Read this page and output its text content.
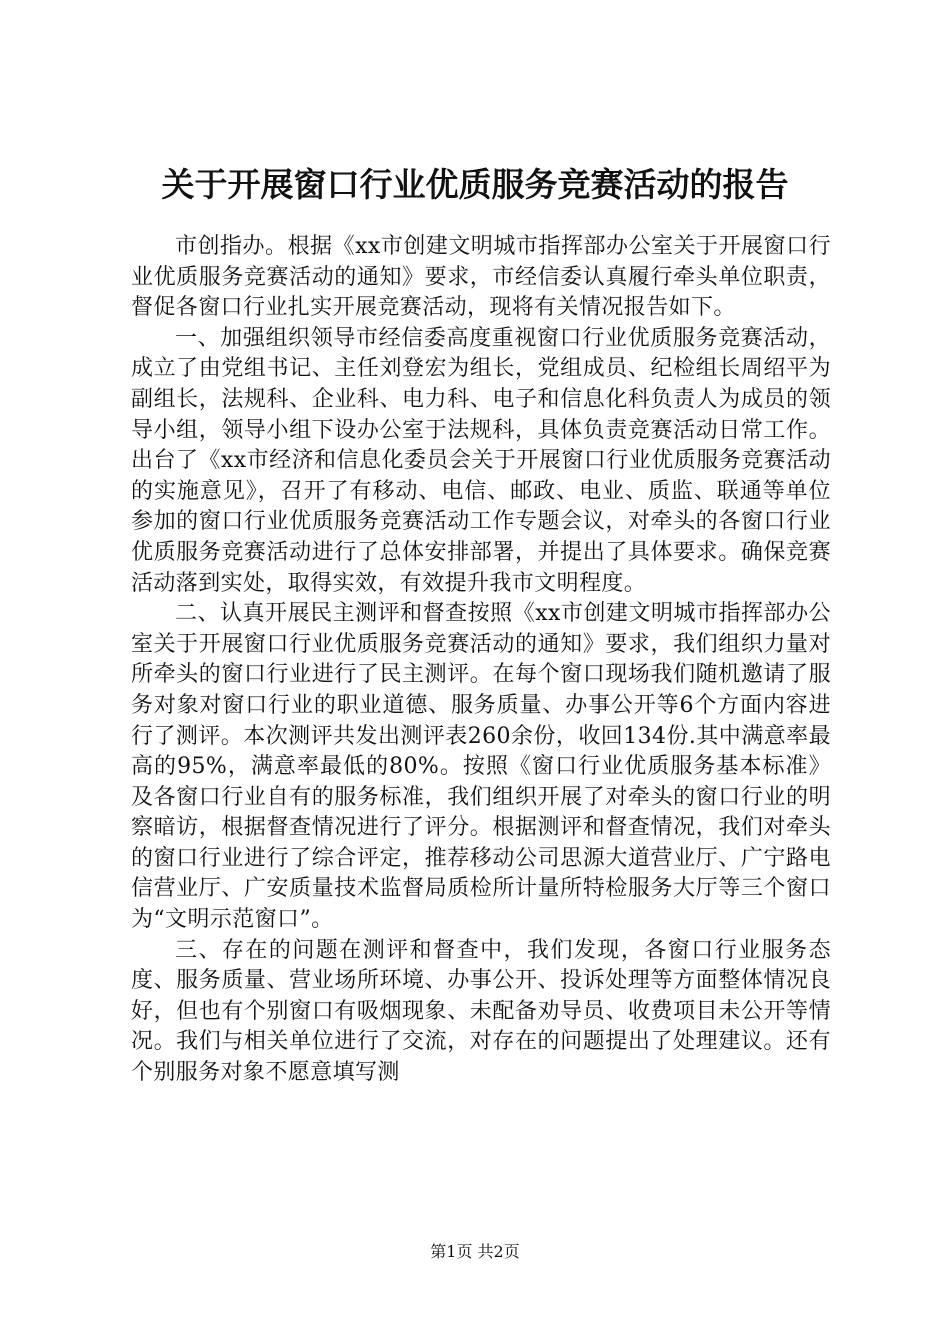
关于开展窗口行业优质服务竞赛活动的报告

市创指办。根据《xx市创建文明城市指挥部办公室关于开展窗口行业优质服务竞赛活动的通知》要求，市经信委认真履行牵头单位职责，督促各窗口行业扎实开展竞赛活动，现将有关情况报告如下。

一、加强组织领导市经信委高度重视窗口行业优质服务竞赛活动，成立了由党组书记、主任刘登宏为组长，党组成员、纪检组长周绍平为副组长，法规科、企业科、电力科、电子和信息化科负责人为成员的领导小组，领导小组下设办公室于法规科，具体负责竞赛活动日常工作。出台了《xx市经济和信息化委员会关于开展窗口行业优质服务竞赛活动的实施意见》，召开了有移动、电信、邮政、电业、质监、联通等单位参加的窗口行业优质服务竞赛活动工作专题会议，对牵头的各窗口行业优质服务竞赛活动进行了总体安排部署，并提出了具体要求。确保竞赛活动落到实处，取得实效，有效提升我市文明程度。

二、认真开展民主测评和督查按照《xx市创建文明城市指挥部办公室关于开展窗口行业优质服务竞赛活动的通知》要求，我们组织力量对所牵头的窗口行业进行了民主测评。在每个窗口现场我们随机邀请了服务对象对窗口行业的职业道德、服务质量、办事公开等6个方面内容进行了测评。本次测评共发出测评表260余份，收回134份.其中满意率最高的95%，满意率最低的80%。按照《窗口行业优质服务基本标准》及各窗口行业自有的服务标准，我们组织开展了对牵头的窗口行业的明察暗访，根据督查情况进行了评分。根据测评和督查情况，我们对牵头的窗口行业进行了综合评定，推荐移动公司思源大道营业厅、广宁路电信营业厅、广安质量技术监督局质检所计量所特检服务大厅等三个窗口为“文明示范窗口”。

三、存在的问题在测评和督查中，我们发现，各窗口行业服务态度、服务质量、营业场所环境、办事公开、投诉处理等方面整体情况良好，但也有个别窗口有吸烟现象、未配备劝导员、收费项目未公开等情况。我们与相关单位进行了交流，对存在的问题提出了处理建议。还有个别服务对象不愿意填写测

第1页 共2页
